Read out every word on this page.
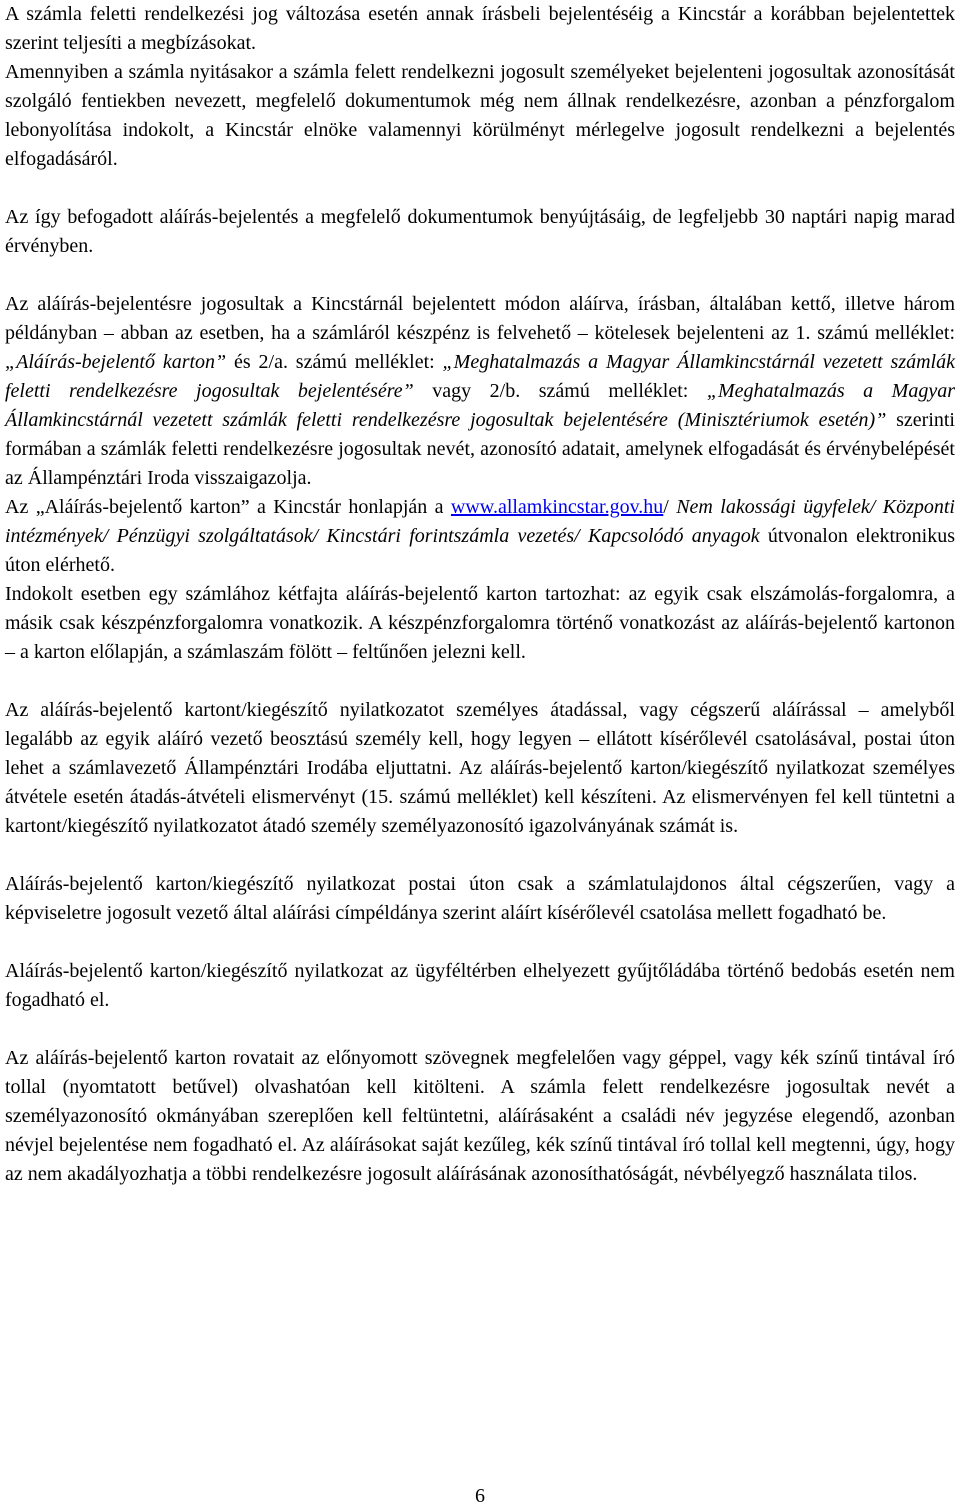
A számla feletti rendelkezési jog változása esetén annak írásbeli bejelentéséig a Kincstár a korábban bejelentettek szerint teljesíti a megbízásokat.

Amennyiben a számla nyitásakor a számla felett rendelkezni jogosult személyeket bejelenteni jogosultak azonosítását szolgáló fentiekben nevezett, megfelelő dokumentumok még nem állnak rendelkezésre, azonban a pénzforgalom lebonyolítása indokolt, a Kincstár elnöke valamennyi körülményt mérlegelve jogosult rendelkezni a bejelentés elfogadásáról.

Az így befogadott aláírás-bejelentés a megfelelő dokumentumok benyújtásáig, de legfeljebb 30 naptári napig marad érvényben.

Az aláírás-bejelentésre jogosultak a Kincstárnál bejelentett módon aláírva, írásban, általában kettő, illetve három példányban – abban az esetben, ha a számláról készpénz is felvehető – kötelesek bejelenteni az 1. számú melléklet: „Aláírás-bejelentő karton” és 2/a. számú melléklet: „Meghatalmazás a Magyar Államkincstárnál vezetett számlák feletti rendelkezésre jogosultak bejelentésére” vagy 2/b. számú melléklet: „Meghatalmazás a Magyar Államkincstárnál vezetett számlák feletti rendelkezésre jogosultak bejelentésére (Minisztériumok esetén)” szerinti formában a számlák feletti rendelkezésre jogosultak nevét, azonosító adatait, amelynek elfogadását és érvénybelépését az Állampénztári Iroda visszaigazolja.

Az „Aláírás-bejelentő karton” a Kincstár honlapján a www.allamkincstar.gov.hu/ Nem lakossági ügyfelek/ Központi intézmények/ Pénzügyi szolgáltatások/ Kincstári forintszámla vezetés/ Kapcsolódó anyagok útvonalon elektronikus úton elérhető.

Indokolt esetben egy számlához kétfajta aláírás-bejelentő karton tartozhat: az egyik csak elszámolás-forgalomra, a másik csak készpénzforgalomra vonatkozik. A készpénzforgalomra történő vonatkozást az aláírás-bejelentő kartonon – a karton előlapján, a számlaszám fölött – feltűnően jelezni kell.

Az aláírás-bejelentő kartont/kiegészítő nyilatkozatot személyes átadással, vagy cégszerű aláírással – amelyből legalább az egyik aláíró vezető beosztású személy kell, hogy legyen – ellátott kísérőlevél csatolásával, postai úton lehet a számlavezető Állampénztári Irodába eljuttatni. Az aláírás-bejelentő karton/kiegészítő nyilatkozat személyes átvétele esetén átadás-átvételi elismervényt (15. számú melléklet) kell készíteni. Az elismervényen fel kell tüntetni a kartont/kiegészítő nyilatkozatot átadó személy személyazonosító igazolványának számát is.

Aláírás-bejelentő karton/kiegészítő nyilatkozat postai úton csak a számlatulajdonos által cégszerűen, vagy a képviseletre jogosult vezető által aláírási címpéldánya szerint aláírt kísérőlevél csatolása mellett fogadható be.

Aláírás-bejelentő karton/kiegészítő nyilatkozat az ügyféltérben elhelyezett gyűjtőládába történő bedobás esetén nem fogadható el.

Az aláírás-bejelentő karton rovatait az előnyomott szövegnek megfelelően vagy géppel, vagy kék színű tintával író tollal (nyomtatott betűvel) olvashatóan kell kitölteni. A számla felett rendelkezésre jogosultak nevét a személyazonosító okmányában szereplően kell feltüntetni, aláírásaként a családi név jegyzése elegendő, azonban névjel bejelentése nem fogadható el. Az aláírásokat saját kezűleg, kék színű tintával író tollal kell megtenni, úgy, hogy az nem akadályozhatja a többi rendelkezésre jogosult aláírásának azonosíthatóságát, névbélyegző használata tilos.

6
